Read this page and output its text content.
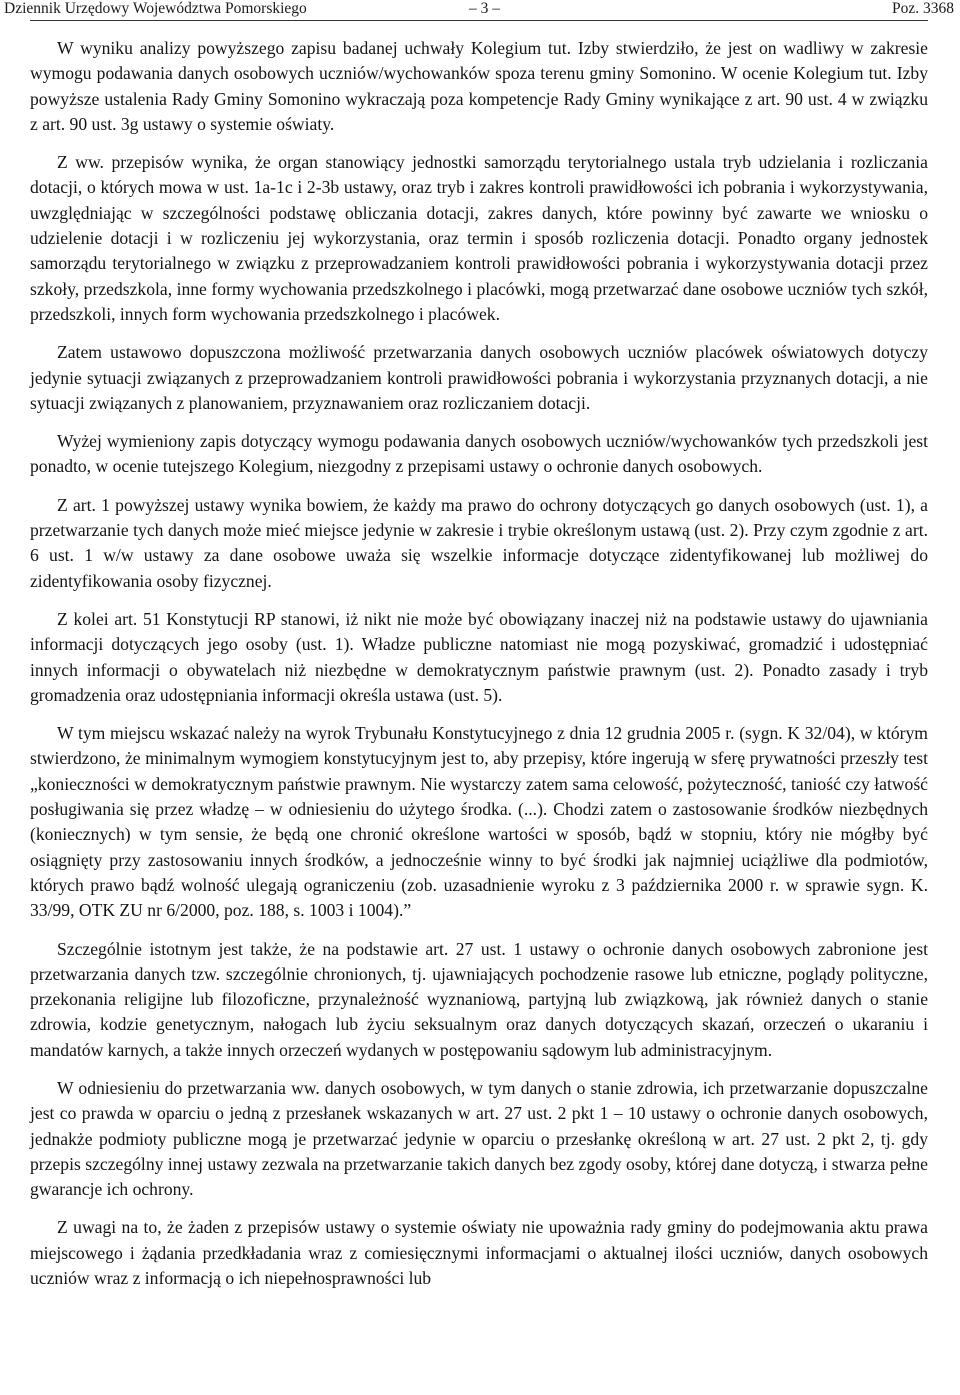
Dziennik Urzędowy Województwa Pomorskiego	– 3 –	Poz. 3368

W wyniku analizy powyższego zapisu badanej uchwały Kolegium tut. Izby stwierdziło, że jest on wadliwy w zakresie wymogu podawania danych osobowych uczniów/wychowanków spoza terenu gminy Somonino. W ocenie Kolegium tut. Izby powyższe ustalenia Rady Gminy Somonino wykraczają poza kompetencje Rady Gminy wynikające z art. 90 ust. 4 w związku z art. 90 ust. 3g ustawy o systemie oświaty.

Z ww. przepisów wynika, że organ stanowiący jednostki samorządu terytorialnego ustala tryb udzielania i rozliczania dotacji, o których mowa w ust. 1a-1c i 2-3b ustawy, oraz tryb i zakres kontroli prawidłowości ich pobrania i wykorzystywania, uwzględniając w szczególności podstawę obliczania dotacji, zakres danych, które powinny być zawarte we wniosku o udzielenie dotacji i w rozliczeniu jej wykorzystania, oraz termin i sposób rozliczenia dotacji. Ponadto organy jednostek samorządu terytorialnego w związku z przeprowadzaniem kontroli prawidłowości pobrania i wykorzystywania dotacji przez szkoły, przedszkola, inne formy wychowania przedszkolnego i placówki, mogą przetwarzać dane osobowe uczniów tych szkół, przedszkoli, innych form wychowania przedszkolnego i placówek.

Zatem ustawowo dopuszczona możliwość przetwarzania danych osobowych uczniów placówek oświatowych dotyczy jedynie sytuacji związanych z przeprowadzaniem kontroli prawidłowości pobrania i wykorzystania przyznanych dotacji, a nie sytuacji związanych z planowaniem, przyznawaniem oraz rozliczaniem dotacji.

Wyżej wymieniony zapis dotyczący wymogu podawania danych osobowych uczniów/wychowanków tych przedszkoli jest ponadto, w ocenie tutejszego Kolegium, niezgodny z przepisami ustawy o ochronie danych osobowych.

Z art. 1 powyższej ustawy wynika bowiem, że każdy ma prawo do ochrony dotyczących go danych osobowych (ust. 1), a przetwarzanie tych danych może mieć miejsce jedynie w zakresie i trybie określonym ustawą (ust. 2). Przy czym zgodnie z art. 6 ust. 1 w/w ustawy za dane osobowe uważa się wszelkie informacje dotyczące zidentyfikowanej lub możliwej do zidentyfikowania osoby fizycznej.

Z kolei art. 51 Konstytucji RP stanowi, iż nikt nie może być obowiązany inaczej niż na podstawie ustawy do ujawniania informacji dotyczących jego osoby (ust. 1). Władze publiczne natomiast nie mogą pozyskiwać, gromadzić i udostępniać innych informacji o obywatelach niż niezbędne w demokratycznym państwie prawnym (ust. 2). Ponadto zasady i tryb gromadzenia oraz udostępniania informacji określa ustawa (ust. 5).

W tym miejscu wskazać należy na wyrok Trybunału Konstytucyjnego z dnia 12 grudnia 2005 r. (sygn. K 32/04), w którym stwierdzono, że minimalnym wymogiem konstytucyjnym jest to, aby przepisy, które ingerują w sferę prywatności przeszły test „konieczności w demokratycznym państwie prawnym. Nie wystarczy zatem sama celowość, pożyteczność, taniość czy łatwość posługiwania się przez władzę – w odniesieniu do użytego środka. (...). Chodzi zatem o zastosowanie środków niezbędnych (koniecznych) w tym sensie, że będą one chronić określone wartości w sposób, bądź w stopniu, który nie mógłby być osiągnięty przy zastosowaniu innych środków, a jednocześnie winny to być środki jak najmniej uciążliwe dla podmiotów, których prawo bądź wolność ulegają ograniczeniu (zob. uzasadnienie wyroku z 3 października 2000 r. w sprawie sygn. K. 33/99, OTK ZU nr 6/2000, poz. 188, s. 1003 i 1004).”

Szczególnie istotnym jest także, że na podstawie art. 27 ust. 1 ustawy o ochronie danych osobowych zabronione jest przetwarzania danych tzw. szczególnie chronionych, tj. ujawniających pochodzenie rasowe lub etniczne, poglądy polityczne, przekonania religijne lub filozoficzne, przynależność wyznaniową, partyjną lub związkową, jak również danych o stanie zdrowia, kodzie genetycznym, nałogach lub życiu seksualnym oraz danych dotyczących skazań, orzeczeń o ukaraniu i mandatów karnych, a także innych orzeczeń wydanych w postępowaniu sądowym lub administracyjnym.

W odniesieniu do przetwarzania ww. danych osobowych, w tym danych o stanie zdrowia, ich przetwarzanie dopuszczalne jest co prawda w oparciu o jedną z przesłanek wskazanych w art. 27 ust. 2 pkt 1 – 10 ustawy o ochronie danych osobowych, jednakże podmioty publiczne mogą je przetwarzać jedynie w oparciu o przesłankę określoną w art. 27 ust. 2 pkt 2, tj. gdy przepis szczególny innej ustawy zezwala na przetwarzanie takich danych bez zgody osoby, której dane dotyczą, i stwarza pełne gwarancje ich ochrony.

Z uwagi na to, że żaden z przepisów ustawy o systemie oświaty nie upoważnia rady gminy do podejmowania aktu prawa miejscowego i żądania przedkładania wraz z comiesięcznymi informacjami o aktualnej ilości uczniów, danych osobowych uczniów wraz z informacją o ich niepełnosprawności lub
